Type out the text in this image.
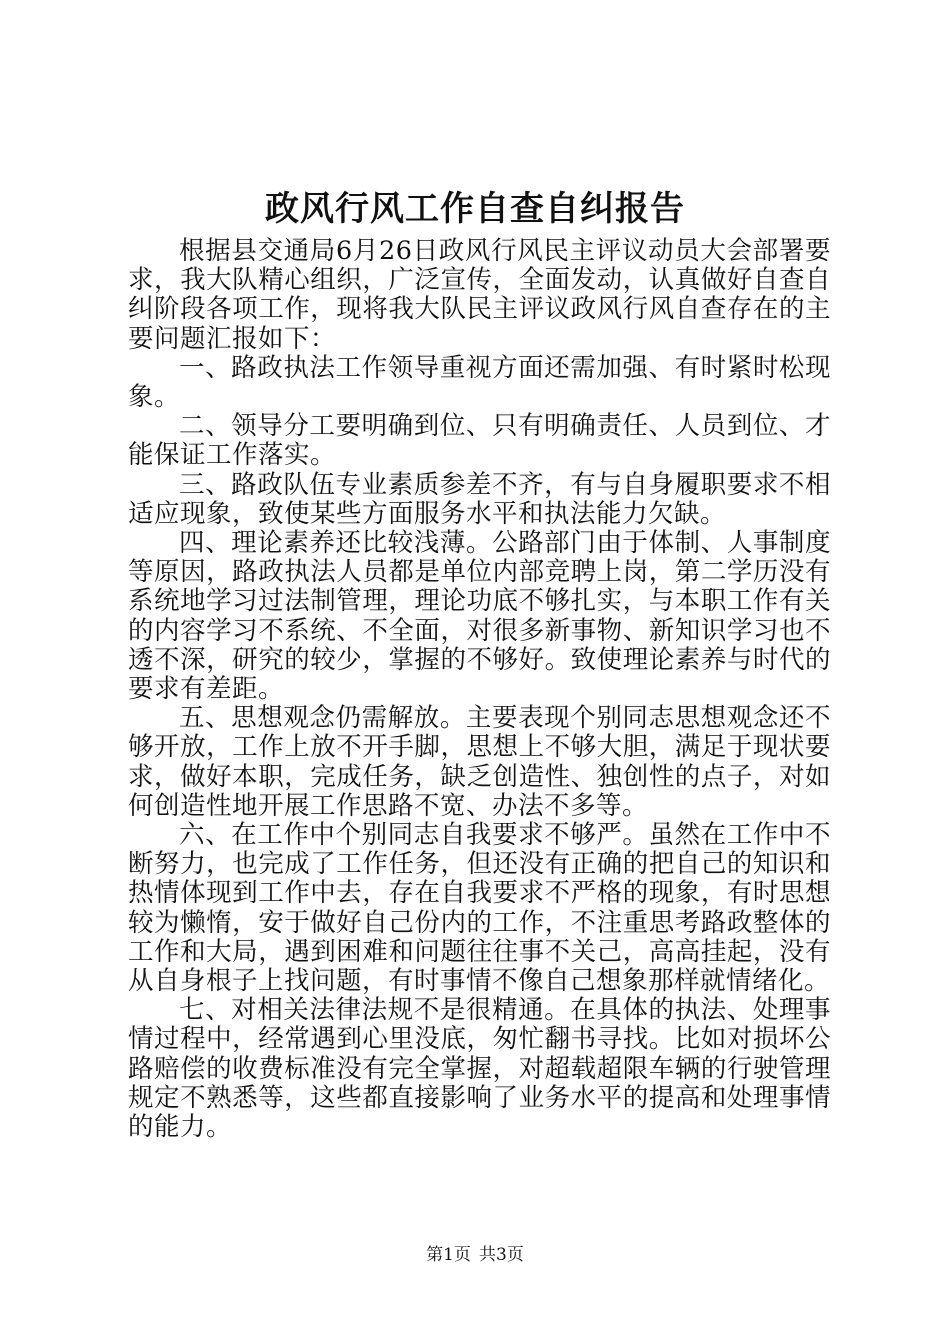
政风行风工作自查自纠报告

根据县交通局6月26日政风行风民主评议动员大会部署要求，我大队精心组织，广泛宣传，全面发动，认真做好自查自纠阶段各项工作，现将我大队民主评议政风行风自查存在的主要问题汇报如下：

一、路政执法工作领导重视方面还需加强、有时紧时松现象。

二、领导分工要明确到位、只有明确责任、人员到位、才能保证工作落实。

三、路政队伍专业素质参差不齐，有与自身履职要求不相适应现象，致使某些方面服务水平和执法能力欠缺。

四、理论素养还比较浅薄。公路部门由于体制、人事制度等原因，路政执法人员都是单位内部竞聘上岗，第二学历没有系统地学习过法制管理，理论功底不够扎实，与本职工作有关的内容学习不系统、不全面，对很多新事物、新知识学习也不透不深，研究的较少，掌握的不够好。致使理论素养与时代的要求有差距。

五、思想观念仍需解放。主要表现个别同志思想观念还不够开放，工作上放不开手脚，思想上不够大胆，满足于现状要求，做好本职，完成任务，缺乏创造性、独创性的点子，对如何创造性地开展工作思路不宽、办法不多等。

六、在工作中个别同志自我要求不够严。虽然在工作中不断努力，也完成了工作任务，但还没有正确的把自己的知识和热情体现到工作中去，存在自我要求不严格的现象，有时思想较为懒惰，安于做好自己份内的工作，不注重思考路政整体的工作和大局，遇到困难和问题往往事不关己，高高挂起，没有从自身根子上找问题，有时事情不像自己想象那样就情绪化。

七、对相关法律法规不是很精通。在具体的执法、处理事情过程中，经常遇到心里没底，匆忙翻书寻找。比如对损坏公路赔偿的收费标准没有完全掌握，对超载超限车辆的行驶管理规定不熟悉等，这些都直接影响了业务水平的提高和处理事情的能力。

第1页 共3页
